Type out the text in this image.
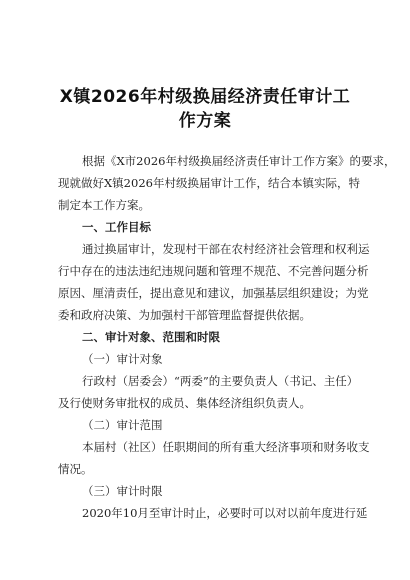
X镇2026年村级换届经济责任审计工
作方案
根据《X市2026年村级换届经济责任审计工作方案》的要求，
现就做好X镇2026年村级换届审计工作，结合本镇实际，特
制定本工作方案。
一、工作目标
通过换届审计，发现村干部在农村经济社会管理和权利运
行中存在的违法违纪违规问题和管理不规范、不完善问题分析
原因、厘清责任，提出意见和建议，加强基层组织建设；为党
委和政府决策、为加强村干部管理监督提供依据。
二、审计对象、范围和时限
（一）审计对象
行政村（居委会）“两委”的主要负责人（书记、主任）
及行使财务审批权的成员、集体经济组织负责人。
（二）审计范围
本届村（社区）任职期间的所有重大经济事项和财务收支
情况。
（三）审计时限
2020年10月至审计时止，必要时可以对以前年度进行延
